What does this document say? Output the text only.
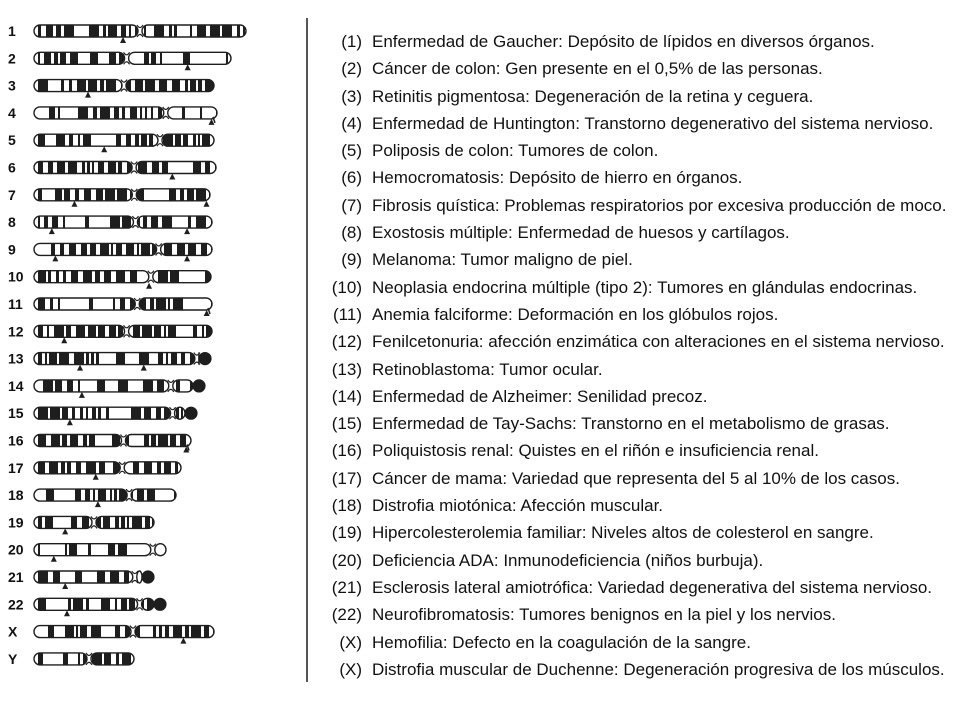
1
2
3
4
5
6
7
8
9
10
11
12
13
14
15
16
17
18
19
20
21
22
X
Y
(1) Enfermedad de Gaucher: Depósito de lípidos en diversos órganos.
(2) Cáncer de colon: Gen presente en el 0,5% de las personas.
(3) Retinitis pigmentosa: Degeneración de la retina y ceguera.
(4) Enfermedad de Huntington: Transtorno degenerativo del sistema nervioso.
(5) Poliposis de colon: Tumores de colon.
(6) Hemocromatosis: Depósito de hierro en órganos.
(7) Fibrosis quística: Problemas respiratorios por excesiva producción de moco.
(8) Exostosis múltiple: Enfermedad de huesos y cartílagos.
(9) Melanoma: Tumor maligno de piel.
(10) Neoplasia endocrina múltiple (tipo 2): Tumores en glándulas endocrinas.
(11) Anemia falciforme: Deformación en los glóbulos rojos.
(12) Fenilcetonuria: afección enzimática con alteraciones en el sistema nervioso.
(13) Retinoblastoma: Tumor ocular.
(14) Enfermedad de Alzheimer: Senilidad precoz.
(15) Enfermedad de Tay-Sachs: Transtorno en el metabolismo de grasas.
(16) Poliquistosis renal: Quistes en el riñón e insuficiencia renal.
(17) Cáncer de mama: Variedad que representa del 5 al 10% de los casos.
(18) Distrofia miotónica: Afección muscular.
(19) Hipercolesterolemia familiar: Niveles altos de colesterol en sangre.
(20) Deficiencia ADA: Inmunodeficiencia (niños burbuja).
(21) Esclerosis lateral amiotrófica: Variedad degenerativa del sistema nervioso.
(22) Neurofibromatosis: Tumores benignos en la piel y los nervios.
(X) Hemofilia: Defecto en la coagulación de la sangre.
(X) Distrofia muscular de Duchenne: Degeneración progresiva de los músculos.
